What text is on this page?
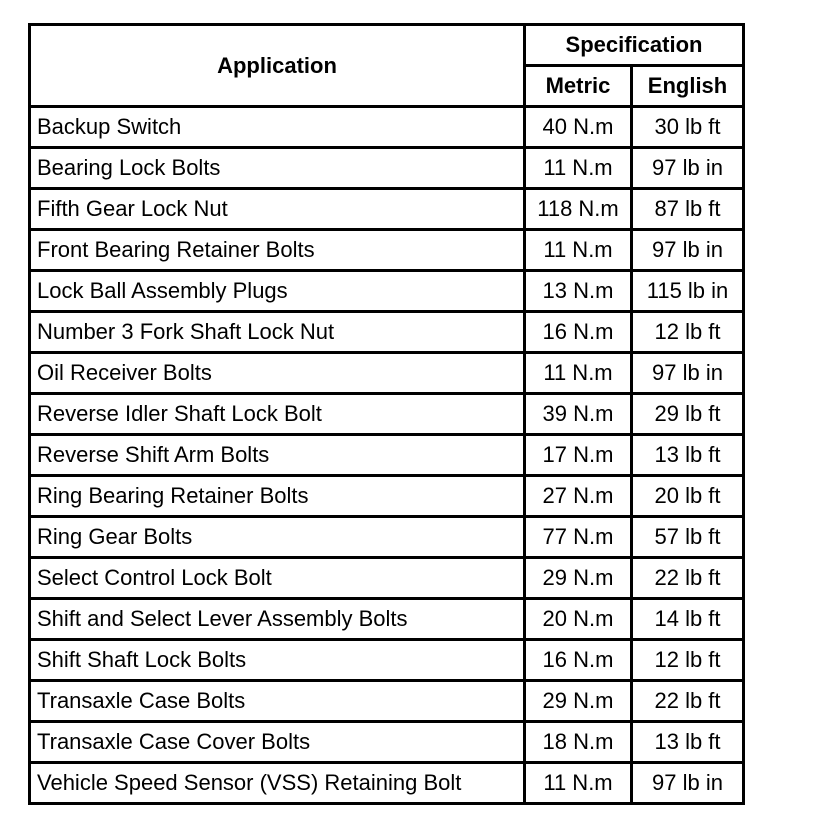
Application	Specification	
	Metric	English
Backup Switch	40 N.m	30 lb ft
Bearing Lock Bolts	11 N.m	97 lb in
Fifth Gear Lock Nut	118 N.m	87 lb ft
Front Bearing Retainer Bolts	11 N.m	97 lb in
Lock Ball Assembly Plugs	13 N.m	115 lb in
Number 3 Fork Shaft Lock Nut	16 N.m	12 lb ft
Oil Receiver Bolts	11 N.m	97 lb in
Reverse Idler Shaft Lock Bolt	39 N.m	29 lb ft
Reverse Shift Arm Bolts	17 N.m	13 lb ft
Ring Bearing Retainer Bolts	27 N.m	20 lb ft
Ring Gear Bolts	77 N.m	57 lb ft
Select Control Lock Bolt	29 N.m	22 lb ft
Shift and Select Lever Assembly Bolts	20 N.m	14 lb ft
Shift Shaft Lock Bolts	16 N.m	12 lb ft
Transaxle Case Bolts	29 N.m	22 lb ft
Transaxle Case Cover Bolts	18 N.m	13 lb ft
Vehicle Speed Sensor (VSS) Retaining Bolt	11 N.m	97 lb in
